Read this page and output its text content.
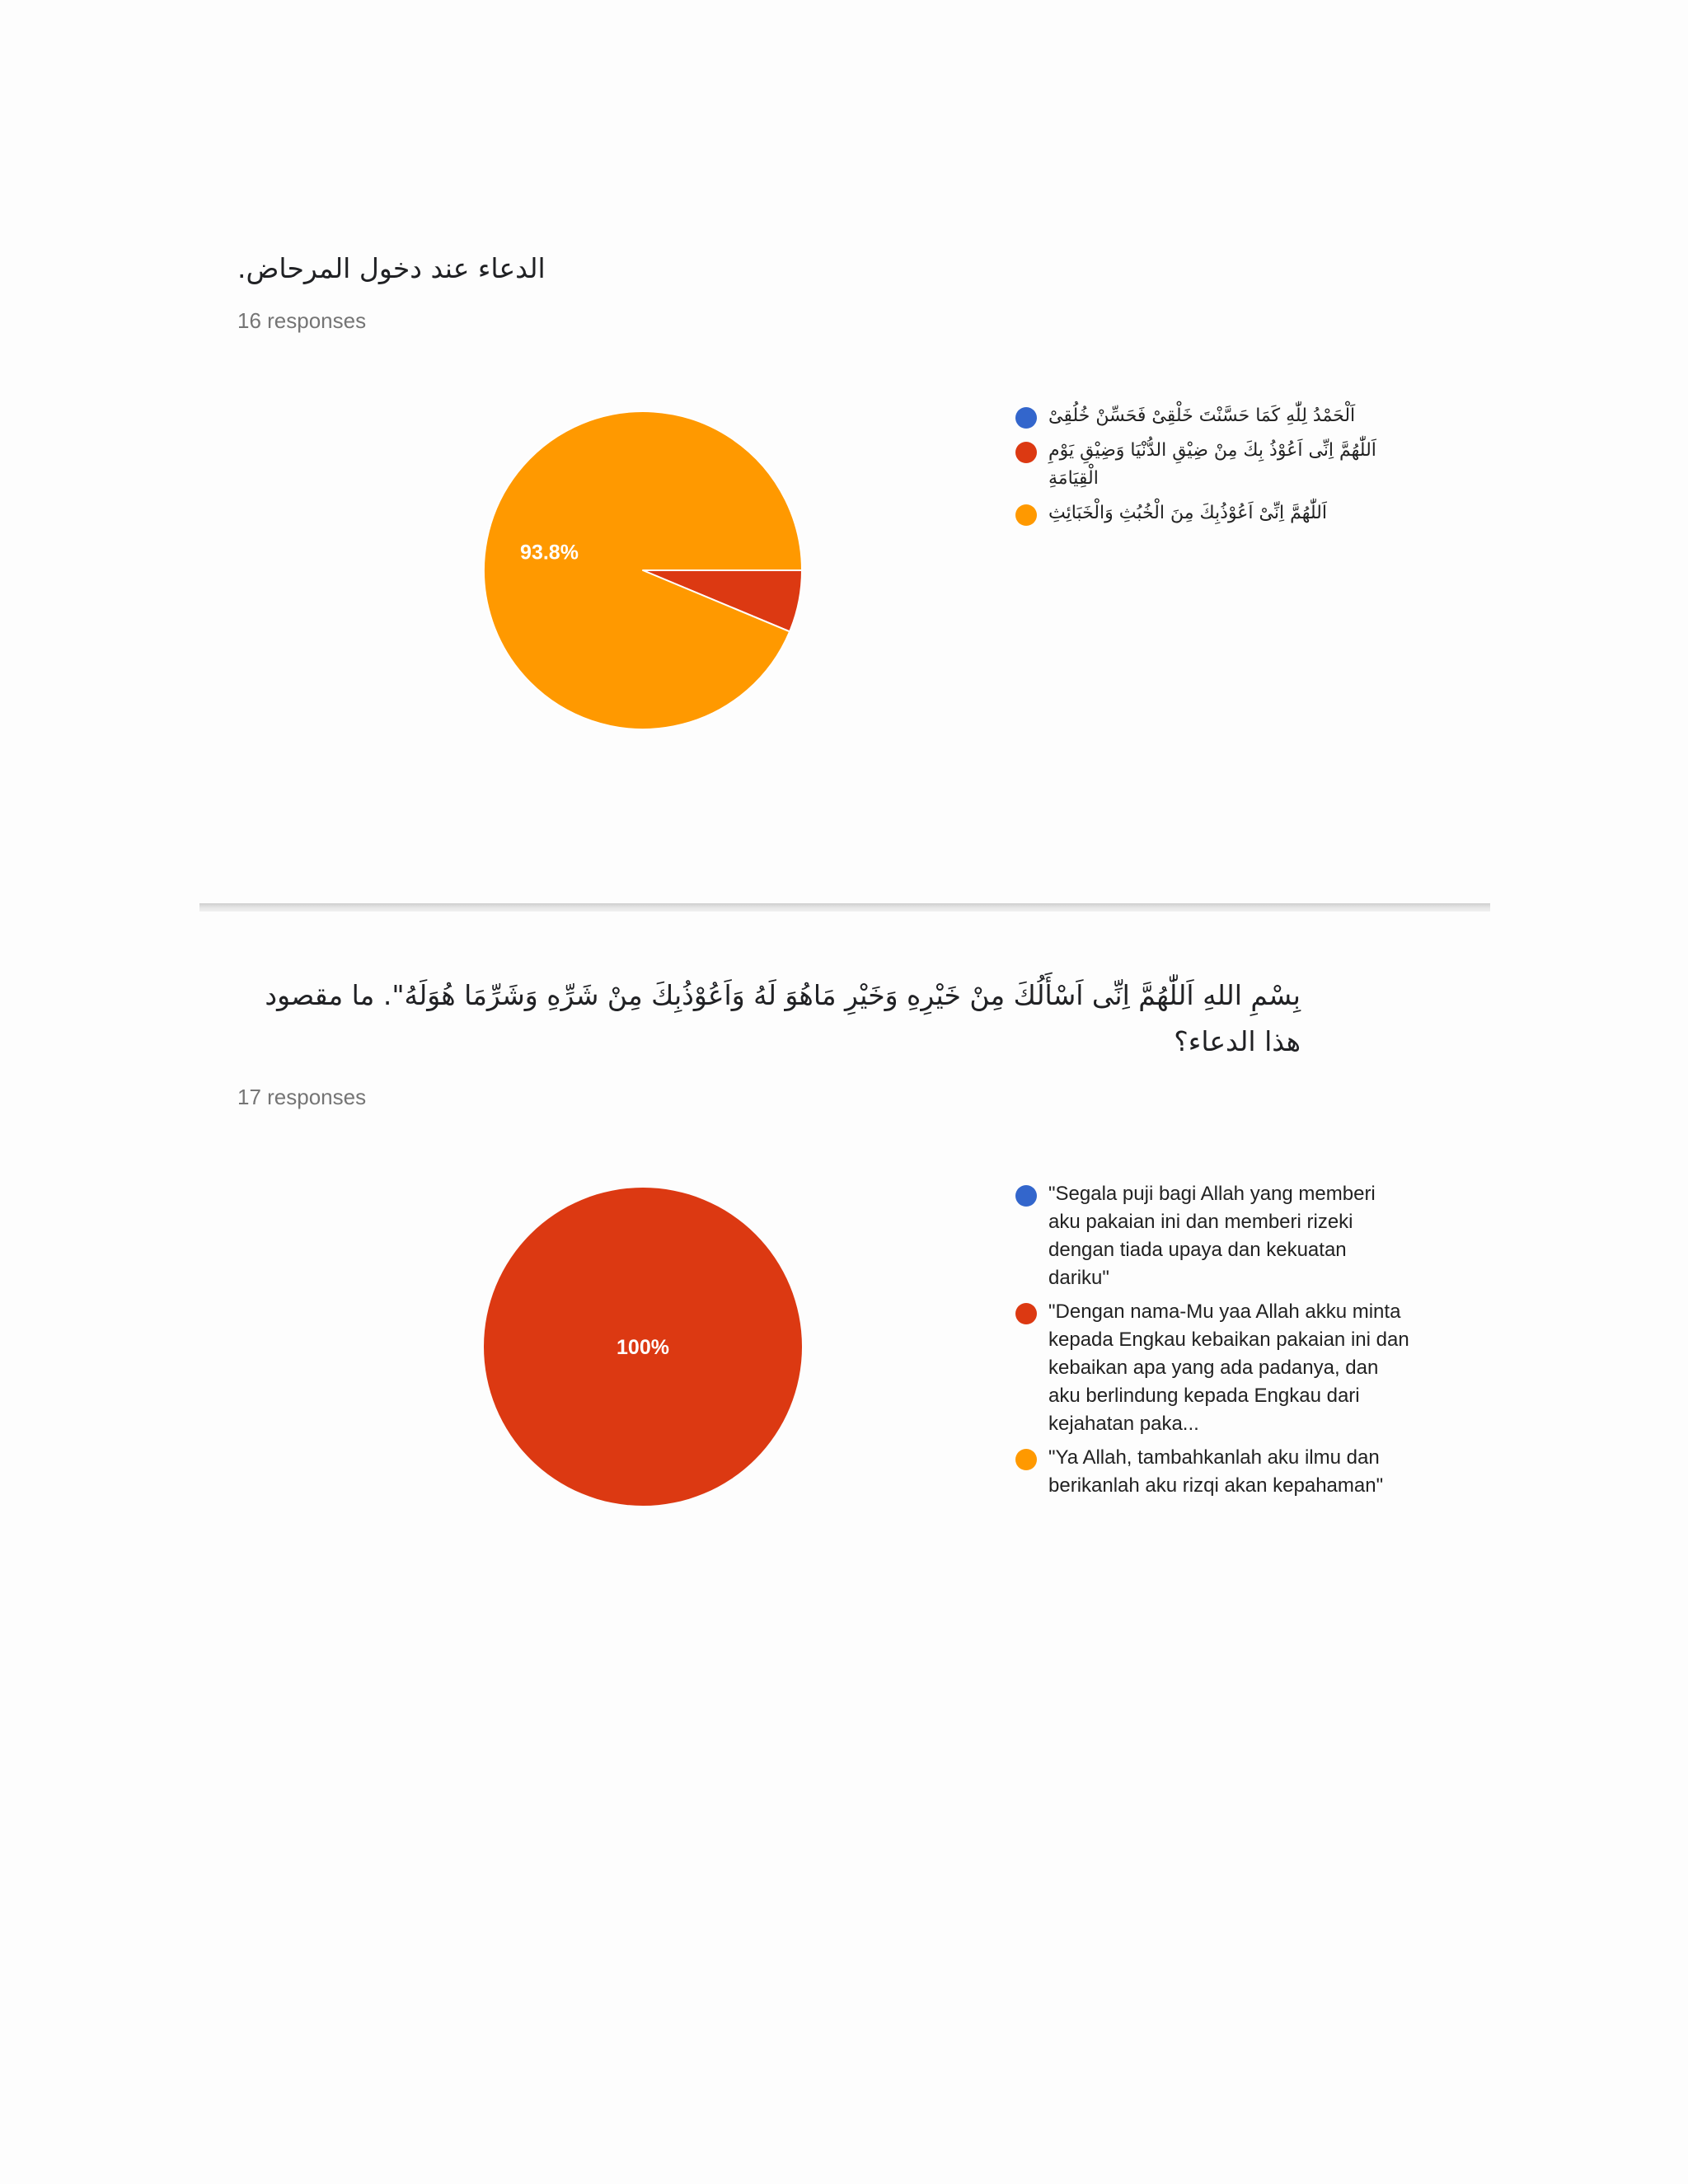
الدعاء عند دخول المرحاض.
16 responses
93.8%
اَلْحَمْدُ لِلّٰهِ كَمَا حَسَّنْتَ خَلْقِىْ فَحَسِّنْ خُلُقِىْ
اَللّٰهُمَّ اِنِّى اَعُوْذُ بِكَ مِنْ ضِيْقِ الدُّنْيَا وَضِيْقِ يَوْمِ الْقِيَامَةِ
اَللّٰهُمَّ اِنِّىْ اَعُوْذُبِكَ مِنَ الْخُبُثِ وَالْخَبَائِثِ
بِسْمِ اللهِ اَللّٰهُمَّ اِنِّى اَسْأَلُكَ مِنْ خَيْرِهِ وَخَيْرِ مَاهُوَ لَهُ وَاَعُوْذُبِكَ مِنْ شَرِّهِ وَشَرِّمَا هُوَلَهُ". ما مقصود هذا الدعاء؟
17 responses
100%
"Segala puji bagi Allah yang memberi aku pakaian ini dan memberi rizeki dengan tiada upaya dan kekuatan dariku"
"Dengan nama-Mu yaa Allah akku minta kepada Engkau kebaikan pakaian ini dan kebaikan apa yang ada padanya, dan aku berlindung kepada Engkau dari kejahatan paka...
"Ya Allah, tambahkanlah aku ilmu dan berikanlah aku rizqi akan kepahaman"
